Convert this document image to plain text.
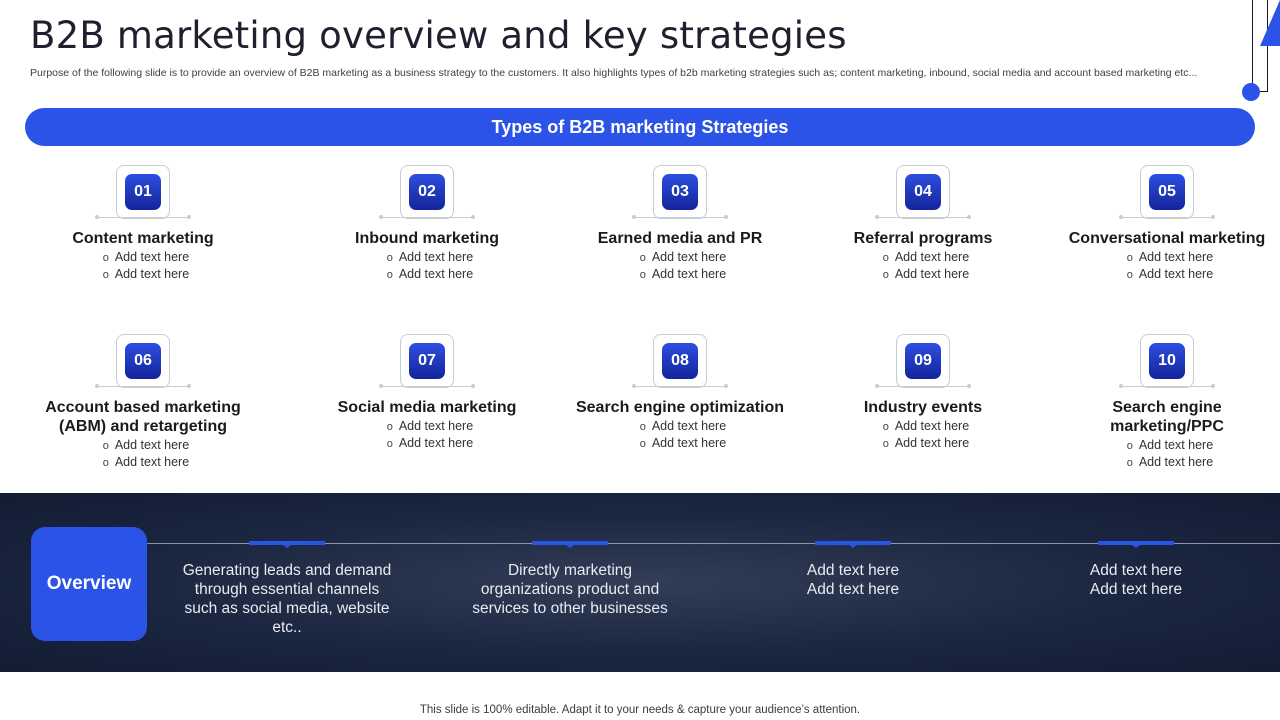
B2B marketing overview and key strategies

Purpose of the following slide is to provide an overview of B2B marketing as a business strategy to the customers. It also highlights types of b2b marketing strategies such as; content marketing, inbound, social media and account based marketing etc...

Types of B2B marketing Strategies
01
Content marketing
o Add text here
o Add text here
02
Inbound marketing
o Add text here
o Add text here
03
Earned media and PR
o Add text here
o Add text here
04
Referral programs
o Add text here
o Add text here
05
Conversational marketing
o Add text here
o Add text here
06
Account based marketing (ABM) and retargeting
o Add text here
o Add text here
07
Social media marketing
o Add text here
o Add text here
08
Search engine optimization
o Add text here
o Add text here
09
Industry events
o Add text here
o Add text here
10
Search engine marketing/PPC
o Add text here
o Add text here
Overview
Generating leads and demand through essential channels such as social media, website etc..
Directly marketing organizations product and services to other businesses
Add text here
Add text here
Add text here
Add text here
This slide is 100% editable. Adapt it to your needs & capture your audience’s attention.
